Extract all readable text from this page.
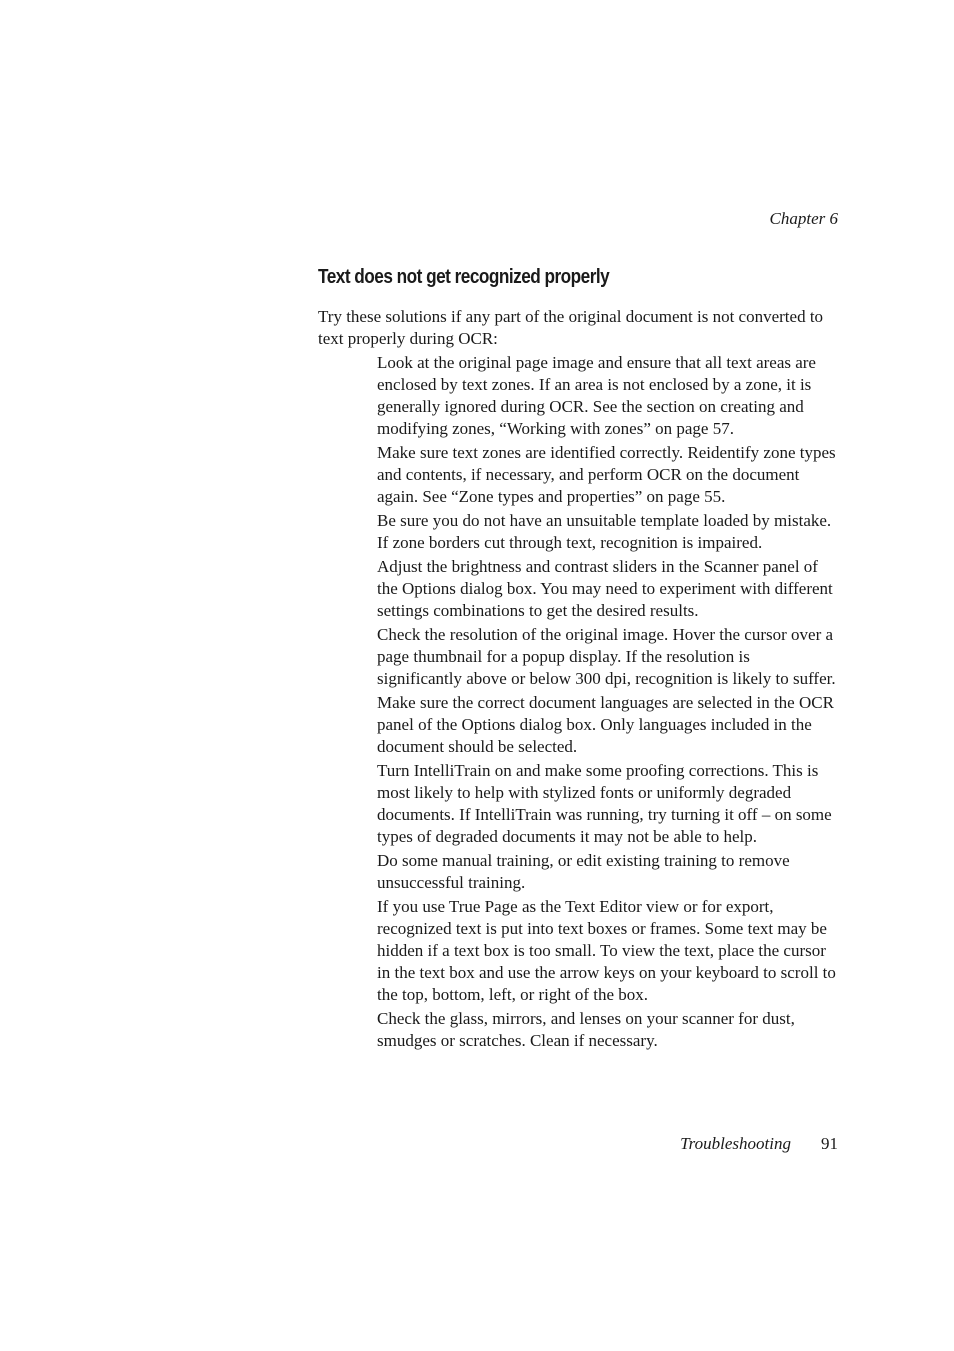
Chapter 6
Text does not get recognized properly

Try these solutions if any part of the original document is not converted to text properly during OCR:

Look at the original page image and ensure that all text areas are enclosed by text zones. If an area is not enclosed by a zone, it is generally ignored during OCR. See the section on creating and modifying zones, “Working with zones” on page 57.
Make sure text zones are identified correctly. Reidentify zone types and contents, if necessary, and perform OCR on the document again. See “Zone types and properties” on page 55.
Be sure you do not have an unsuitable template loaded by mistake. If zone borders cut through text, recognition is impaired.
Adjust the brightness and contrast sliders in the Scanner panel of the Options dialog box. You may need to experiment with different settings combinations to get the desired results.
Check the resolution of the original image. Hover the cursor over a page thumbnail for a popup display. If the resolution is significantly above or below 300 dpi, recognition is likely to suffer.
Make sure the correct document languages are selected in the OCR panel of the Options dialog box. Only languages included in the document should be selected.
Turn IntelliTrain on and make some proofing corrections. This is most likely to help with stylized fonts or uniformly degraded documents. If IntelliTrain was running, try turning it off – on some types of degraded documents it may not be able to help.
Do some manual training, or edit existing training to remove unsuccessful training.
If you use True Page as the Text Editor view or for export, recognized text is put into text boxes or frames. Some text may be hidden if a text box is too small. To view the text, place the cursor in the text box and use the arrow keys on your keyboard to scroll to the top, bottom, left, or right of the box.
Check the glass, mirrors, and lenses on your scanner for dust, smudges or scratches. Clean if necessary.
Troubleshooting 91
